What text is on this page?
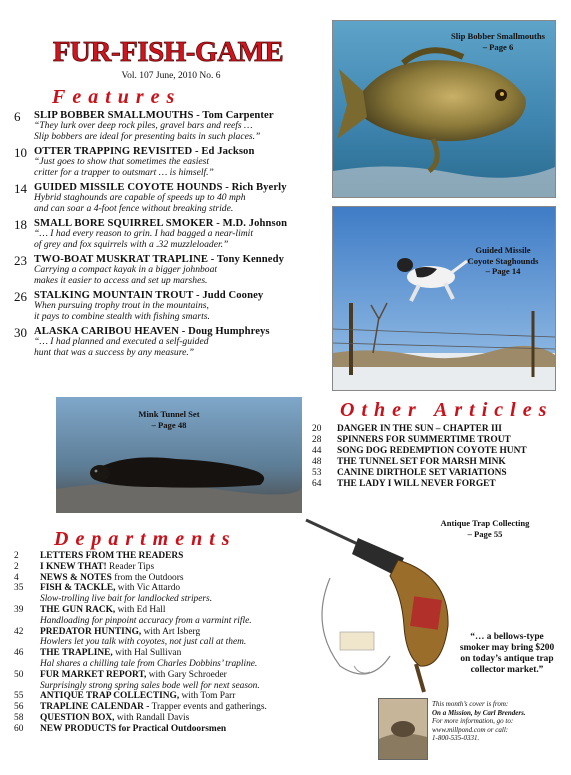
FUR-FISH-GAME
Vol. 107 June, 2010 No. 6
Features
6	SLIP BOBBER SMALLMOUTHS - Tom Carpenter
“They lurk over deep rock piles, gravel bars and reefs …
Slip bobbers are ideal for presenting baits in such places.”
10 OTTER TRAPPING REVISITED - Ed Jackson
“Just goes to show that sometimes the easiest
critter for a trapper to outsmart … is himself.”
14 GUIDED MISSILE COYOTE HOUNDS - Rich Byerly
Hybrid staghounds are capable of speeds up to 40 mph
and can soar a 4-foot fence without breaking stride.
18 SMALL BORE SQUIRREL SMOKER - M.D. Johnson
“… I had every reason to grin. I had bagged a near-limit
of grey and fox squirrels with a .32 muzzleloader.”
23 TWO-BOAT MUSKRAT TRAPLINE - Tony Kennedy
Carrying a compact kayak in a bigger johnboat
makes it easier to access and set up marshes.
26 STALKING MOUNTAIN TROUT - Judd Cooney
When pursuing trophy trout in the mountains,
it pays to combine stealth with fishing smarts.
30 ALASKA CARIBOU HEAVEN - Doug Humphreys
“… I had planned and executed a self-guided
hunt that was a success by any measure.”
Slip Bobber Smallmouths
– Page 6
Guided Missile
Coyote Staghounds
– Page 14
Mink Tunnel Set
– Page 48
Other Articles
20	DANGER IN THE SUN – CHAPTER III
28	SPINNERS FOR SUMMERTIME TROUT
44	SONG DOG REDEMPTION COYOTE HUNT
48	THE TUNNEL SET FOR MARSH MINK
53	CANINE DIRTHOLE SET VARIATIONS
64	THE LADY I WILL NEVER FORGET
Departments
2 LETTERS FROM THE READERS
2 I KNEW THAT! Reader Tips
4 NEWS & NOTES from the Outdoors
35 FISH & TACKLE, with Vic Attardo
Slow-trolling live bait for landlocked stripers.
39 THE GUN RACK, with Ed Hall
Handloading for pinpoint accuracy from a varmint rifle.
42 PREDATOR HUNTING, with Art Isberg
Howlers let you talk with coyotes, not just call at them.
46 THE TRAPLINE, with Hal Sullivan
Hal shares a chilling tale from Charles Dobbins’ trapline.
50 FUR MARKET REPORT, with Gary Schroeder
Surprisingly strong spring sales bode well for next season.
55 ANTIQUE TRAP COLLECTING, with Tom Parr
56 TRAPLINE CALENDAR - Trapper events and gatherings.
58 QUESTION BOX, with Randall Davis
60 NEW PRODUCTS for Practical Outdoorsmen
Antique Trap Collecting
– Page 55
“… a bellows-type
smoker may bring $200
on today’s antique trap
collector market.”
This month’s cover is from:
On a Mission, by Carl Brenders.
For more information, go to:
www.millpond.com or call:
1-800-535-0331.
